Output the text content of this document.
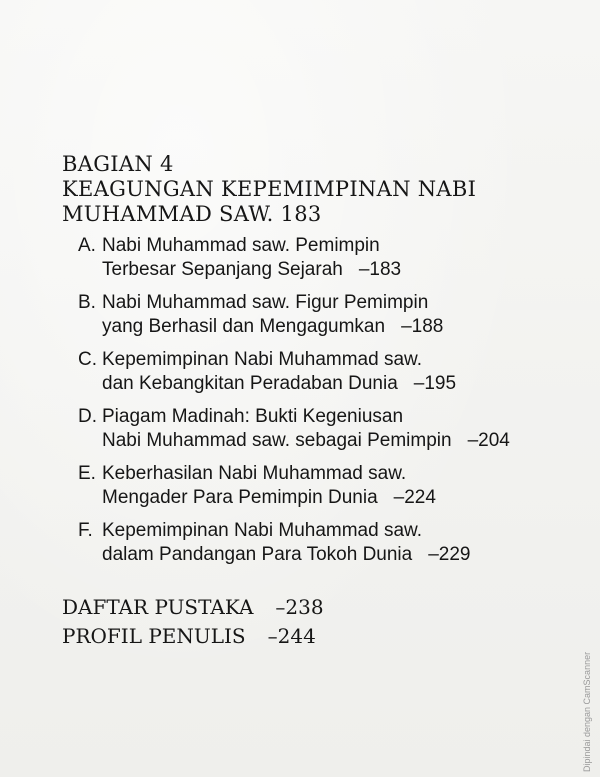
BAGIAN 4
KEAGUNGAN KEPEMIMPINAN NABI
MUHAMMAD SAW. 183
A. Nabi Muhammad saw. Pemimpin
Terbesar Sepanjang Sejarah –183
B. Nabi Muhammad saw. Figur Pemimpin
yang Berhasil dan Mengagumkan –188
C. Kepemimpinan Nabi Muhammad saw.
dan Kebangkitan Peradaban Dunia –195
D. Piagam Madinah: Bukti Kegeniusan
Nabi Muhammad saw. sebagai Pemimpin –204
E. Keberhasilan Nabi Muhammad saw.
Mengader Para Pemimpin Dunia –224
F. Kepemimpinan Nabi Muhammad saw.
dalam Pandangan Para Tokoh Dunia –229
DAFTAR PUSTAKA –238
PROFIL PENULIS –244
Dipindai dengan CamScanner
